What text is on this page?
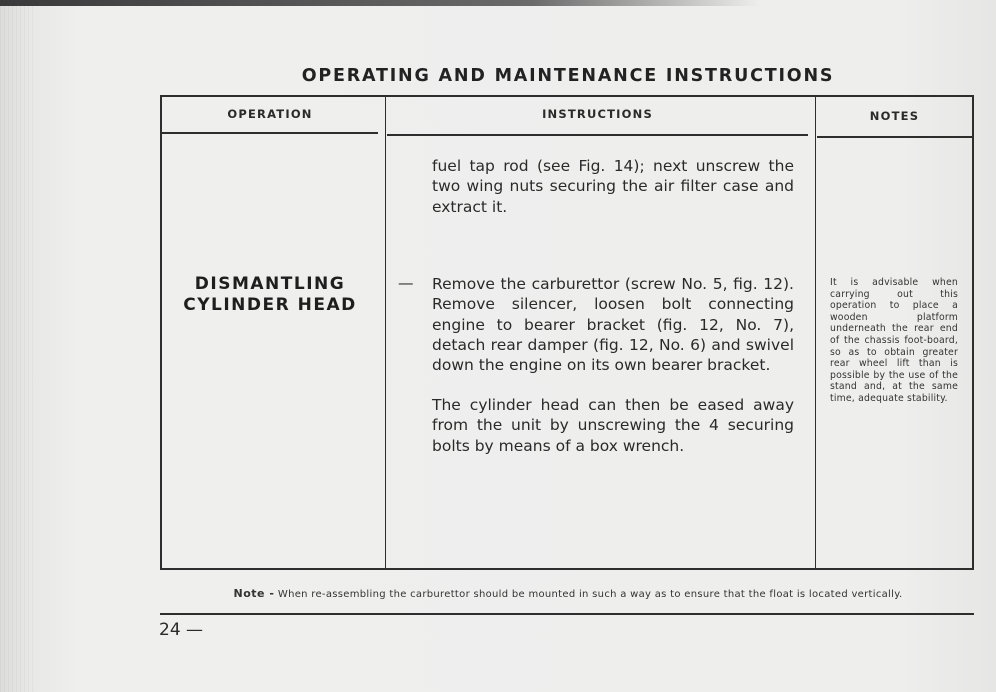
OPERATING AND MAINTENANCE INSTRUCTIONS
OPERATION	INSTRUCTIONS	NOTES
DISMANTLING
CYLINDER HEAD
fuel tap rod (see Fig. 14); next unscrew the two wing nuts securing the air filter case and extract it.
— Remove the carburettor (screw No. 5, fig. 12). Remove silencer, loosen bolt connecting engine to bearer bracket (fig. 12, No. 7), detach rear damper (fig. 12, No. 6) and swivel down the engine on its own bearer bracket.
The cylinder head can then be eased away from the unit by unscrewing the 4 securing bolts by means of a box wrench.
It is advisable when carrying out this operation to place a wooden platform underneath the rear end of the chassis foot-board, so as to obtain greater rear wheel lift than is possible by the use of the stand and, at the same time, adequate stability.
Note - When re-assembling the carburettor should be mounted in such a way as to ensure that the float is located vertically.
24 —
